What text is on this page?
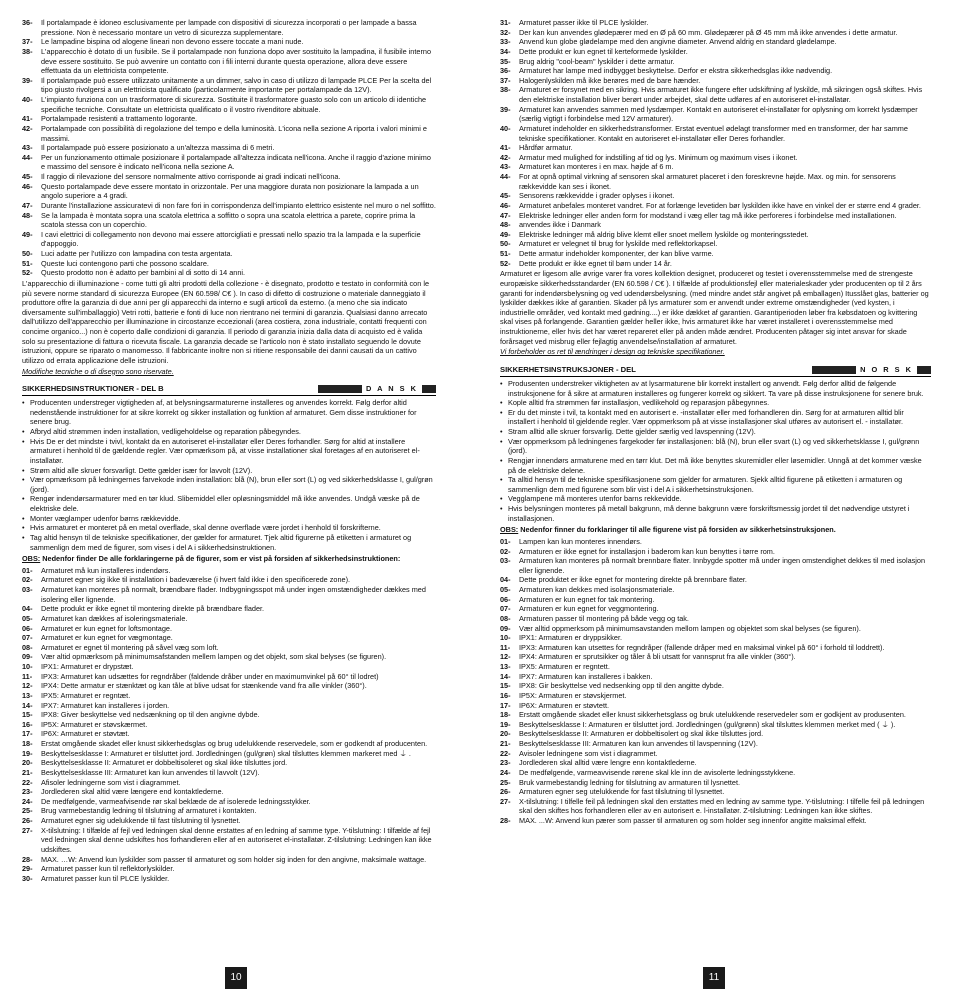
36-	Il portalampade è idoneo esclusivamente per lampade con dispositivi di sicurezza incorporati o per lampade a bassa pressione. Non è necessario montare un vetro di sicurezza supplementare.
37-	Le lampadine bispina od alogene lineari non devono essere toccate a mani nude.
38-	L'apparecchio è dotato di un fusibile. Se il portalampade non funziona dopo aver sostituito la lampadina, il fusibile interno deve essere sostituito. Se può avvenire un contatto con i fili interni durante questa operazione, allora deve essere effettuata da un elettricista competente.
39-	Il portalampade può essere utilizzato unitamente a un dimmer, salvo in caso di utilizzo di lampade PLCE Per la scelta del tipo giusto rivolgersi a un elettricista qualificato (particolarmente importante per portalampade da 12V).
40-	L'impianto funziona con un trasformatore di sicurezza. Sostituite il trasformatore guasto solo con un articolo di identiche specifiche tecniche. Consultate un elettricista qualificato o il vostro rivenditore abituale.
41-	Portalampade resistenti a trattamento logorante.
42-	Portalampade con possibilità di regolazione del tempo e della luminosità. L'icona nella sezione A riporta i valori minimi e massimi.
43-	Il portalampade può essere posizionato a un'altezza massima di 6 metri.
44-	Per un funzionamento ottimale posizionare il portalampade all'altezza indicata nell'icona. Anche il raggio d'azione minimo e massimo del sensore è indicato nell'icona nella sezione A.
45-	Il raggio di rilevazione del sensore normalmente attivo corrisponde ai gradi indicati nell'icona.
46-	Questo portalampade deve essere montato in orizzontale. Per una maggiore durata non posizionare la lampada a un angolo superiore a 4 gradi.
47-	Durante l'installazione assicuratevi di non fare fori in corrispondenza dell'impianto elettrico esistente nel muro o nel soffitto.
48-	Se la lampada è montata sopra una scatola elettrica a soffitto o sopra una scatola elettrica a parete, coprire prima la scatola stessa con un coperchio.
49-	I cavi elettrici di collegamento non devono mai essere attorcigliati e pressati nello spazio tra la lampada e la superficie d'appoggio.
50-	Luci adatte per l'utilizzo con lampadina con testa argentata.
51-	Queste luci contengono parti che possono scaldare.
52-	Questo prodotto non è adatto per bambini al di sotto di 14 anni.
L'apparecchio di illuminazione - come tutti gli altri prodotti della collezione - è disegnato, prodotto e testato in conformità con le più severe norme standard di sicurezza Europee (EN 60.598/ C€ ). In caso di difetto di costruzione o materiale danneggiato il produttore offre la garanzia di due anni per gli apparecchi da interno e sugli articoli da esterno. (a meno che sia indicato diversamente sull'imballaggio) Vetri rotti, batterie e fonti di luce non rientrano nei termini di garanzia. Qualsiasi danno arrecato dall'utilizzo dell'apparecchio per illuminazione in circostanze eccezionali (area costiera, zona industriale, contatti frequenti con concime organico...) non è coperto dalle condizioni di garanzia. Il periodo di garanzia inizia dalla data di acquisto ed è valida solo su presentazione di fattura o ricevuta fiscale. La garanzia decade se l'articolo non è stato installato seguendo le dovute istruzioni, oppure se riparato o manomesso. Il fabbricante inoltre non si ritiene responsabile dei danni causati da un cattivo utilizzo od errata applicazione delle istruzioni.
Modifiche tecniche o di disegno sono riservate.
SIKKERHEDSINSTRUKTIONER - DEL B	D A N S K
• Producenten understreger vigtigheden af, at belysningsarmaturerne installeres og anvendes korrekt. Følg derfor altid nedenstående instruktioner for at sikre korrekt og sikker installation og funktion af armaturet. Gem disse instruktioner for senere brug.
• Afbryd altid strømmen inden installation, vedligeholdelse og reparation påbegyndes.
• Hvis De er det mindste i tvivl, kontakt da en autoriseret el-installatør eller Deres forhandler. Sørg for altid at installere armaturet i henhold til de gældende regler. Vær opmærksom på, at visse installationer skal foretages af en autoriseret el-installatør.
• Strøm altid alle skruer forsvarligt. Dette gælder især for lavvolt (12V).
• Vær opmærksom på ledningernes farvekode inden installation: blå (N), brun eller sort (L) og ved sikkerhedsklasse I, gul/grøn (jord).
• Rengør indendørsarmaturer med en tør klud. Slibemiddel eller opløsningsmiddel må ikke anvendes. Undgå væske på de elektriske dele.
• Monter væglamper udenfor børns rækkevidde.
• Hvis armaturet er monteret på en metal overflade, skal denne overflade være jordet i henhold til forskrifterne.
• Tag altid hensyn til de tekniske specifikationer, der gælder for armaturet. Tjek altid figurerne på etiketten i armaturet og sammenlign dem med de figurer, som vises i del A i sikkerhedsinstruktionen.
OBS: Nedenfor finder De alle forklaringerne på de figurer, som er vist på forsiden af sikkerhedsinstruktionen:
01-	Armaturet må kun installeres indendørs.
02-	Armaturet egner sig ikke til installation i badeværelse (i hvert fald ikke i den specificerede zone).
03-	Armaturet kan monteres på normalt, brændbare flader. Indbygningsspot må under ingen omstændigheder dækkes med isolering eller lignende.
04-	Dette produkt er ikke egnet til montering direkte på brændbare flader.
05-	Armaturet kan dækkes af isoleringsmateriale.
06-	Armaturet er kun egnet for loftsmontage.
07-	Armaturet er kun egnet for vægmontage.
08-	Armaturet er egnet til montering på såvel væg som loft.
09-	Vær altid opmærksom på minimumsafstanden mellem lampen og det objekt, som skal belyses (se figuren).
10-	IPX1: Armaturet er drypstæt.
11-	IPX3: Armaturet kan udsættes for regndråber (faldende dråber under en maximumvinkel på 60° til lodret)
12-	IPX4: Dette armatur er stænktæt og kan tåle at blive udsat for stænkende vand fra alle vinkler (360°).
13-	IPX5: Armaturet er regntæt.
14-	IPX7: Armaturet kan installeres i jorden.
15-	IPX8: Giver beskyttelse ved nedsænkning op til den angivne dybde.
16-	IP5X: Armaturet er støvskærmet.
17-	IP6X: Armaturet er støvtæt.
18-	Erstat omgående skadet eller knust sikkerhedsglas og brug udelukkende reservedele, som er godkendt af producenten.
19-	Beskyttelsesklasse I: Armaturet er tilsluttet jord. Jordledningen (gul/grøn) skal tilsluttes klemmen markeret med ⏚ .
20-	Beskyttelsesklasse II: Armaturet er dobbeltisoleret og skal ikke tilsluttes jord.
21-	Beskyttelsesklasse III: Armaturet kan kun anvendes til lavvolt (12V).
22-	Afisoler ledningerne som vist i diagrammet.
23-	Jordlederen skal altid være længere end kontaktlederne.
24-	De medfølgende, varmeafvisende rør skal beklæde de af isolerede ledningsstykker.
25-	Brug varmebestandig ledning til tilslutning af armaturet i kontakten.
26-	Armaturet egner sig udelukkende til fast tilslutning til lysnettet.
27-	X-tilslutning: I tilfælde af fejl ved ledningen skal denne erstattes af en ledning af samme type. Y-tilslutning: I tilfælde af fejl ved ledningen skal denne udskiftes hos forhandleren eller af en autoriseret el-installatør. Z-tilslutning: Ledningen kan ikke udskiftes.
28-	MAX. …W: Anvend kun lyskilder som passer til armaturet og som holder sig inden for den angivne, maksimale wattage.
29-	Armaturet passer kun til reflektorlyskilder.
30-	Armaturet passer kun til PLCE lyskilder.
31-	Armaturet passer ikke til PLCE lyskilder.
32-	Der kan kun anvendes glødepærer med en Ø på 60 mm. Glødepærer på Ø 45 mm må ikke anvendes i dette armatur.
33-	Anvend kun globe glødelampe med den angivne diameter. Anvend aldrig en standard glødelampe.
34-	Dette produkt er kun egnet til kerteformede lyskilder.
35-	Brug aldrig "cool-beam" lyskilder i dette armatur.
36-	Armaturet har lampe med indbygget beskyttelse. Derfor er ekstra sikkerhedsglas ikke nødvendig.
37-	Halogenlyskilden må ikke berøres med de bare hænder.
38-	Armaturet er forsynet med en sikring. Hvis armaturet ikke fungere efter udskiftning af lyskilde, må sikringen også skiftes. Hvis den elektriske installation bliver berørt under arbejdet, skal dette udføres af en autoriseret el-installatør.
39-	Armaturet kan anvendes sammen med lysdæmper. Kontakt en autoriseret el-installatør for oplysning om korrekt lysdæmper (særlig vigtigt i forbindelse med 12V armaturer).
40-	Armaturet indeholder en sikkerhedstransformer. Erstat eventuel ødelagt transformer med en transformer, der har samme tekniske specifikationer. Kontakt en autoriseret el-installatør eller Deres forhandler.
41-	Hårdfør armatur.
42-	Armatur med mulighed for indstilling af tid og lys. Minimum og maximum vises i ikonet.
43-	Armaturet kan monteres i en max. højde af 6 m.
44-	For at opnå optimal virkning af sensoren skal armaturet placeret i den foreskrevne højde. Max. og min. for sensorens rækkevidde kan ses i ikonet.
45-	Sensorens rækkevidde i grader oplyses i ikonet.
46-	Armaturet anbefales monteret vandret. For at forlænge levetiden bør lyskilden ikke have en vinkel der er større end 4 grader.
47-	Elektriske ledninger eller anden form for modstand i væg eller tag må ikke perforeres i forbindelse med installationen.
48-	anvendes ikke i Danmark
49-	Elektriske ledninger må aldrig blive klemt eller snoet mellem lyskilde og monteringsstedet.
50-	Armaturet er velegnet til brug for lyskilde med reflektorkapsel.
51-	Dette armatur indeholder komponenter, der kan blive varme.
52-	Dette produkt er ikke egnet til børn under 14 år.
Armaturet er ligesom alle øvrige varer fra vores kollektion designet, produceret og testet i overensstemmelse med de strengeste europæiske sikkerhedsstandarder (EN 60.598 / C€ ). I tilfælde af produktionsfejl eller materialeskader yder producenten op til 2 års garanti for indendørsbelysning og ved udendørsbelysning. (med mindre andet står angivet på emballagen) Itusslået glas, batterier og lyskilder dækkes ikke af garantien. Skader på lys armaturer som er anvendt under extreme omstændigheder (ved kysten, i industrielle områder, ved kontakt med gødning....) er ikke dækket af garantien. Garantiperioden løber fra købsdatoen og kvittering skal vises på forlangende. Garantien gælder heller ikke, hvis armaturet ikke har været installeret i overensstemmelse med instruktionerne, eller hvis det har været repareret eller på anden måde ændret. Producenten påtager sig intet ansvar for skade forårsaget ved misbrug eller fejlagtig anvendelse/installation af armaturet.
Vi forbeholder os ret til ændringer i design og tekniske specifikationer.
SIKKERHETSINSTRUKSJONER - DEL	N O R S K
• Produsenten understreker viktigheten av at lysarmaturene blir korrekt installert og anvendt. Følg derfor alltid de følgende instruksjonene for å sikre at armaturen installeres og fungerer korrekt og sikkert. Ta vare på disse instruksjonene for senere bruk.
• Kople alltid fra strømmen før installasjon, vedlikehold og reparasjon påbegynnes.
• Er du det minste i tvil, ta kontakt med en autorisert e. -installatør eller med forhandleren din. Sørg for at armaturen alltid blir installert i henhold til gjeldende regler. Vær oppmerksom på at visse installasjoner skal utføres av autorisert el. - installatør.
• Stram alltid alle skruer forsvarlig. Dette gjelder særlig ved lavspenning (12V).
• Vær oppmerksom på ledningenes fargekoder før installasjonen: blå (N), brun eller svart (L) og ved sikkerhetsklasse I, gul/grønn (jord).
• Rengjør innendørs armaturene med en tørr klut. Det må ikke benyttes skuremidler eller løsemidler. Unngå at det kommer væske på de elektriske delene.
• Ta alltid hensyn til de tekniske spesifikasjonene som gjelder for armaturen. Sjekk alltid figurene på etiketten i armaturen og sammenlign dem med figurene som blir vist i del A i sikkerhetsinstruksjonen.
• Vegglampene må monteres utenfor barns rekkevidde.
• Hvis belysningen monteres på metall bakgrunn, må denne bakgrunn være forskriftsmessig jordet til det nødvendige utstyret i installasjonen.
OBS: Nedenfor finner du forklaringer til alle figurene vist på forsiden av sikkerhetsinstruksjonen.
01-	Lampen kan kun monteres innendørs.
02-	Armaturen er ikke egnet for installasjon i baderom kan kun benyttes i tørre rom.
03-	Armaturen kan monteres på normalt brennbare flater. Innbygde spotter må under ingen omstendighet dekkes til med isolasjon eller lignende.
04-	Dette produktet er ikke egnet for montering direkte på brennbare flater.
05-	Armaturen kan dekkes med isolasjonsmateriale.
06-	Armaturen er kun egnet for tak montering.
07-	Armaturen er kun egnet for veggmontering.
08-	Armaturen passer til montering på både vegg og tak.
09-	Vær alltid oppmerksom på minimumsavstanden mellom lampen og objektet som skal belyses (se figuren).
10-	IPX1: Armaturen er dryppsikker.
11-	IPX3: Armaturen kan utsettes for regndråper (fallende dråper med en maksimal vinkel på 60° i forhold til loddrett).
12-	IPX4: Armaturen er sprutsikker og tåler å bli utsatt for vannsprut fra alle vinkler (360°).
13-	IPX5: Armaturen er regntett.
14-	IPX7: Armaturen kan installeres i bakken.
15-	IPX8: Gir beskyttelse ved nedsenking opp til den angitte dybde.
16-	IP5X: Armaturen er støvskjermet.
17-	IP6X: Armaturen er støvtett.
18-	Erstatt omgående skadet eller knust sikkerhetsglass og bruk utelukkende reservedeler som er godkjent av produsenten.
19-	Beskyttelsesklasse I: Armaturen er tilsluttet jord. Jordledningen (gul/grønn) skal tilsluttes klemmen merket med ( ⏚ ).
20-	Beskyttelsesklasse II: Armaturen er dobbeltisolert og skal ikke tilsluttes jord.
21-	Beskyttelsesklasse III: Armaturen kan kun anvendes til lavspenning (12V).
22-	Avisoler ledningene som vist i diagrammet.
23-	Jordlederen skal alltid være lengre enn kontaktlederne.
24-	De medfølgende, varmeavvisende rørene skal kle inn de avisolerte ledningsstykkene.
25-	Bruk varmebestandig ledning for tilslutning av armaturen til lysnettet.
26-	Armaturen egner seg utelukkende for fast tilslutning til lysnettet.
27-	X-tilslutning: I tilfelle feil på ledningen skal den erstattes med en ledning av samme type. Y-tilslutning: I tilfelle feil på ledningen skal den skiftes hos forhandleren eller av en autorisert e. l-installatør. Z-tilslutning: Ledningen kan ikke skiftes.
28-	MAX. ...W: Anvend kun pærer som passer til armaturen og som holder seg innenfor angitte maksimal effekt.
10	11
